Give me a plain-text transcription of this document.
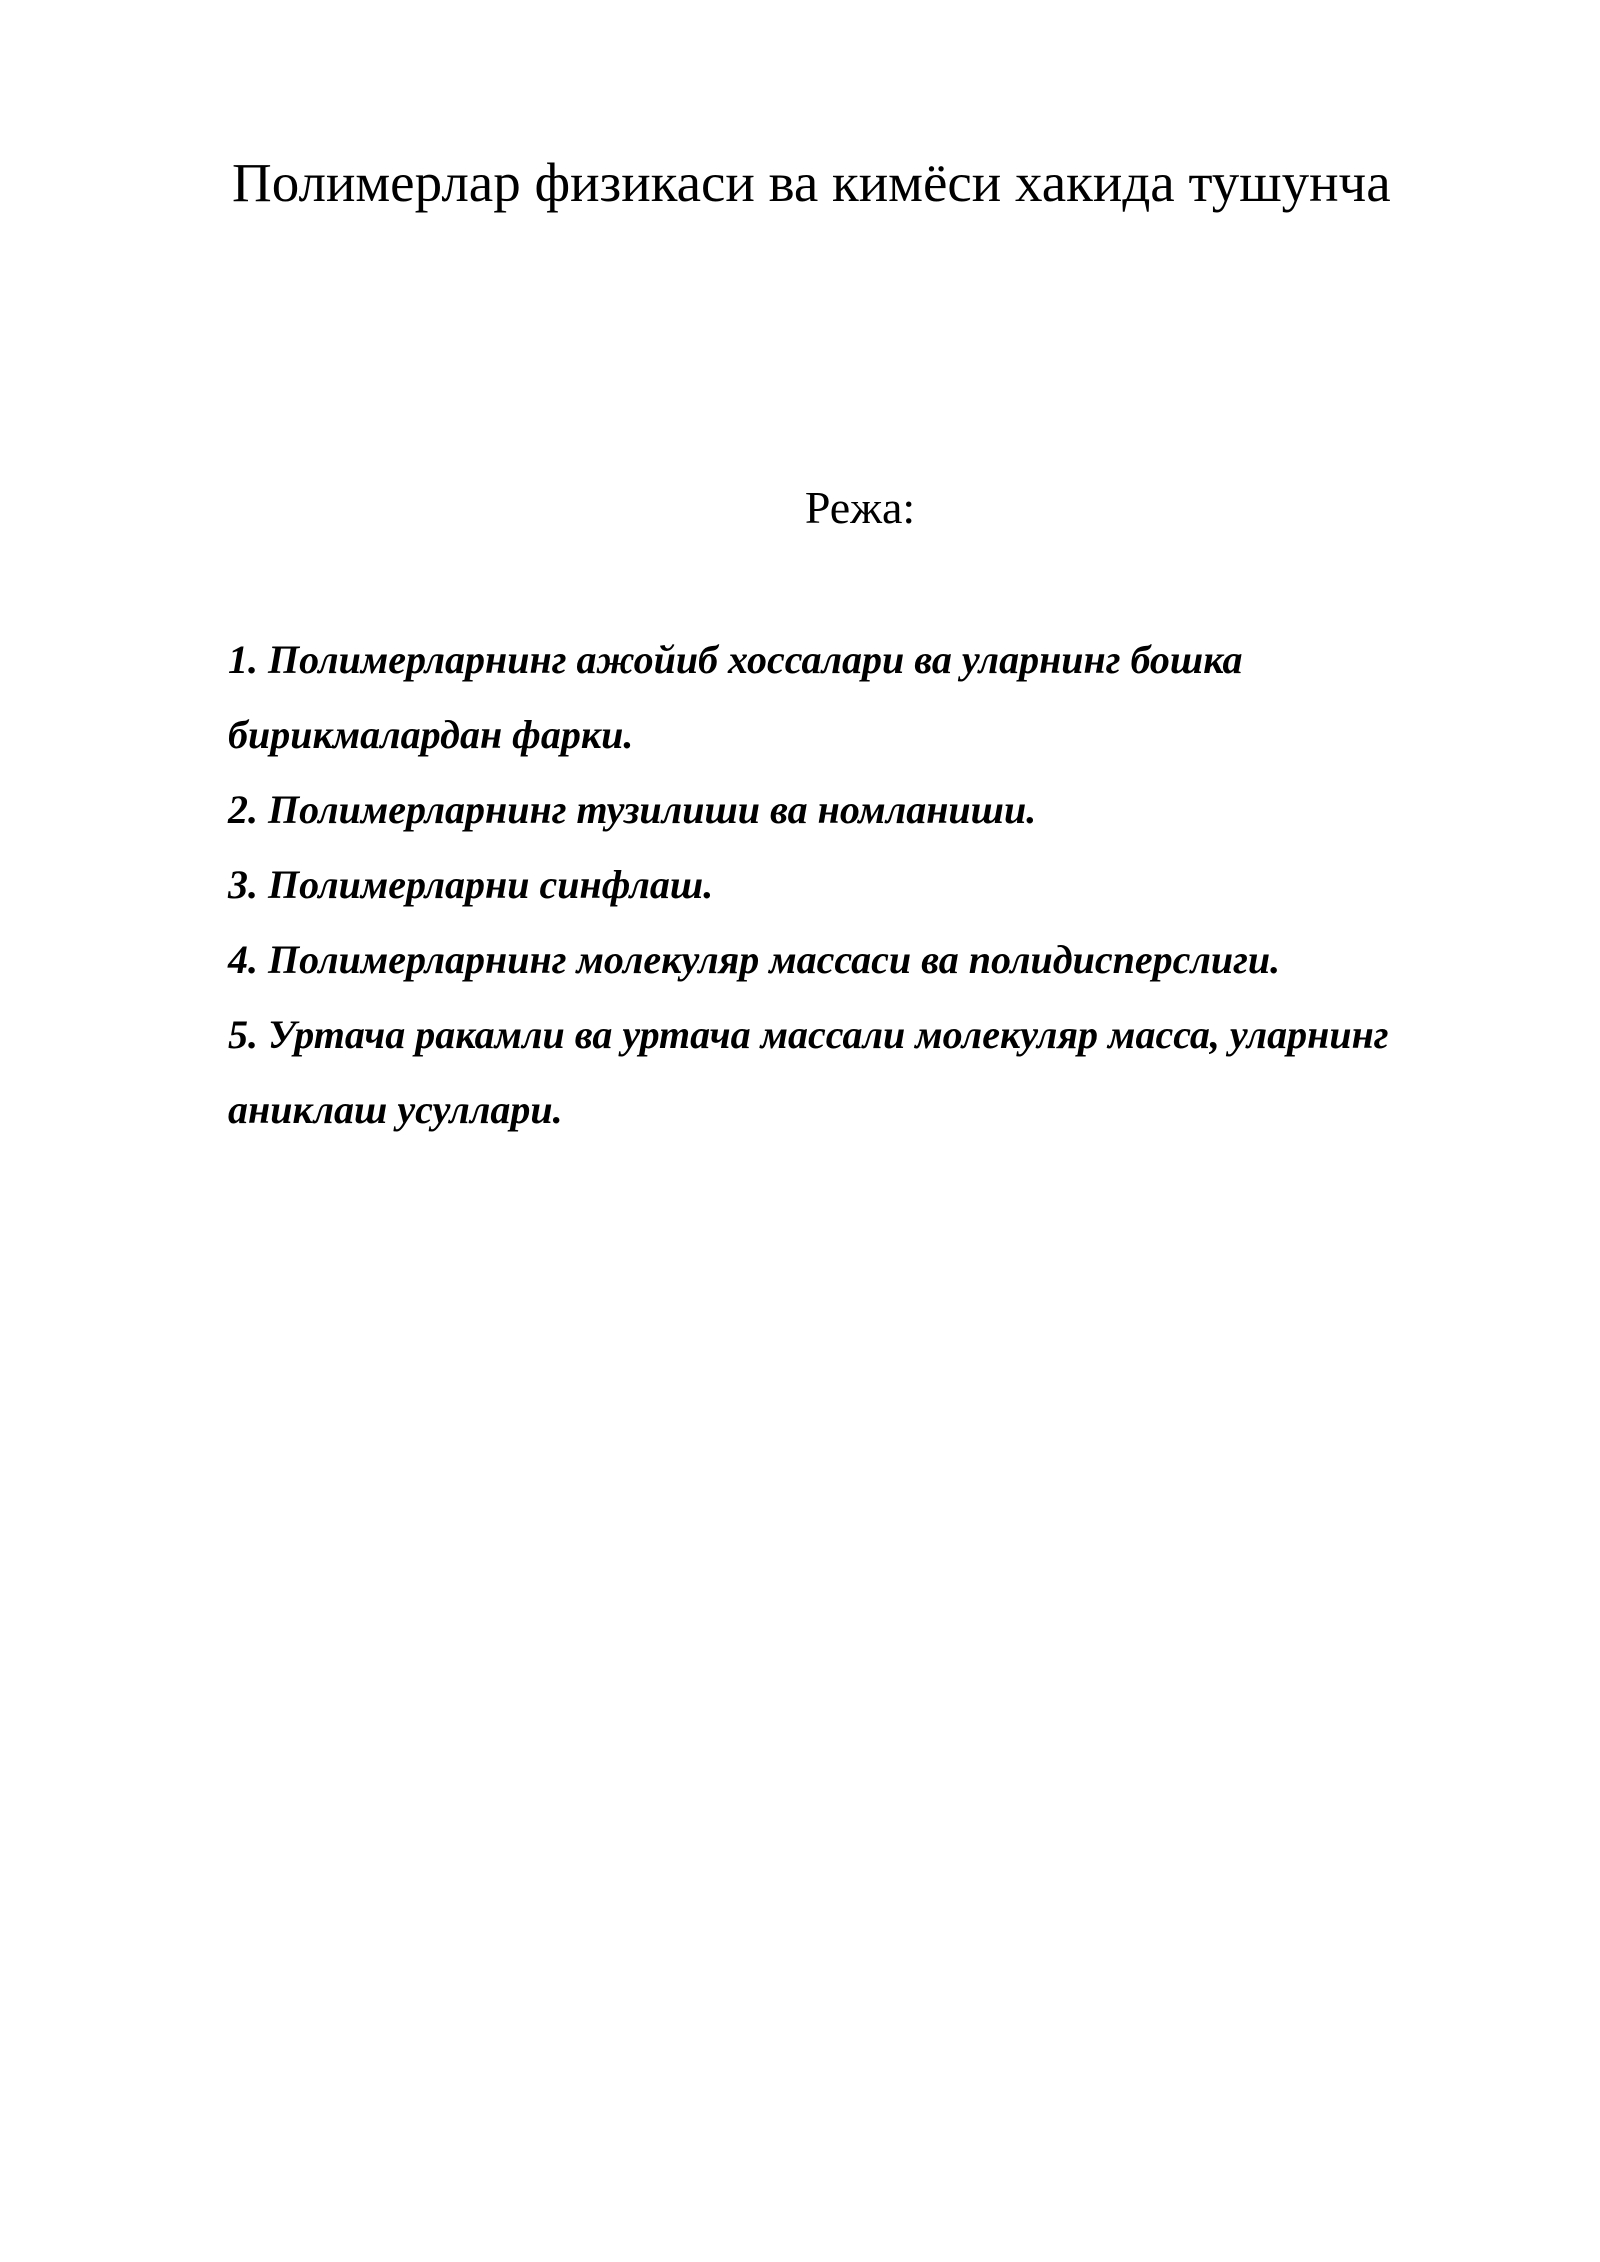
Полимерлар физикаси ва кимёси хакида тушунча
Режа:
1. Полимерларнинг ажойиб хоссалари ва уларнинг бошка бирикмалардан фарки.
2. Полимерларнинг тузилиши ва номланиши.
3. Полимерларни синфлаш.
4. Полимерларнинг молекуляр массаси ва полидисперслиги.
5. Уртача ракамли ва уртача массали молекуляр масса, уларнинг аниклаш усуллари.
